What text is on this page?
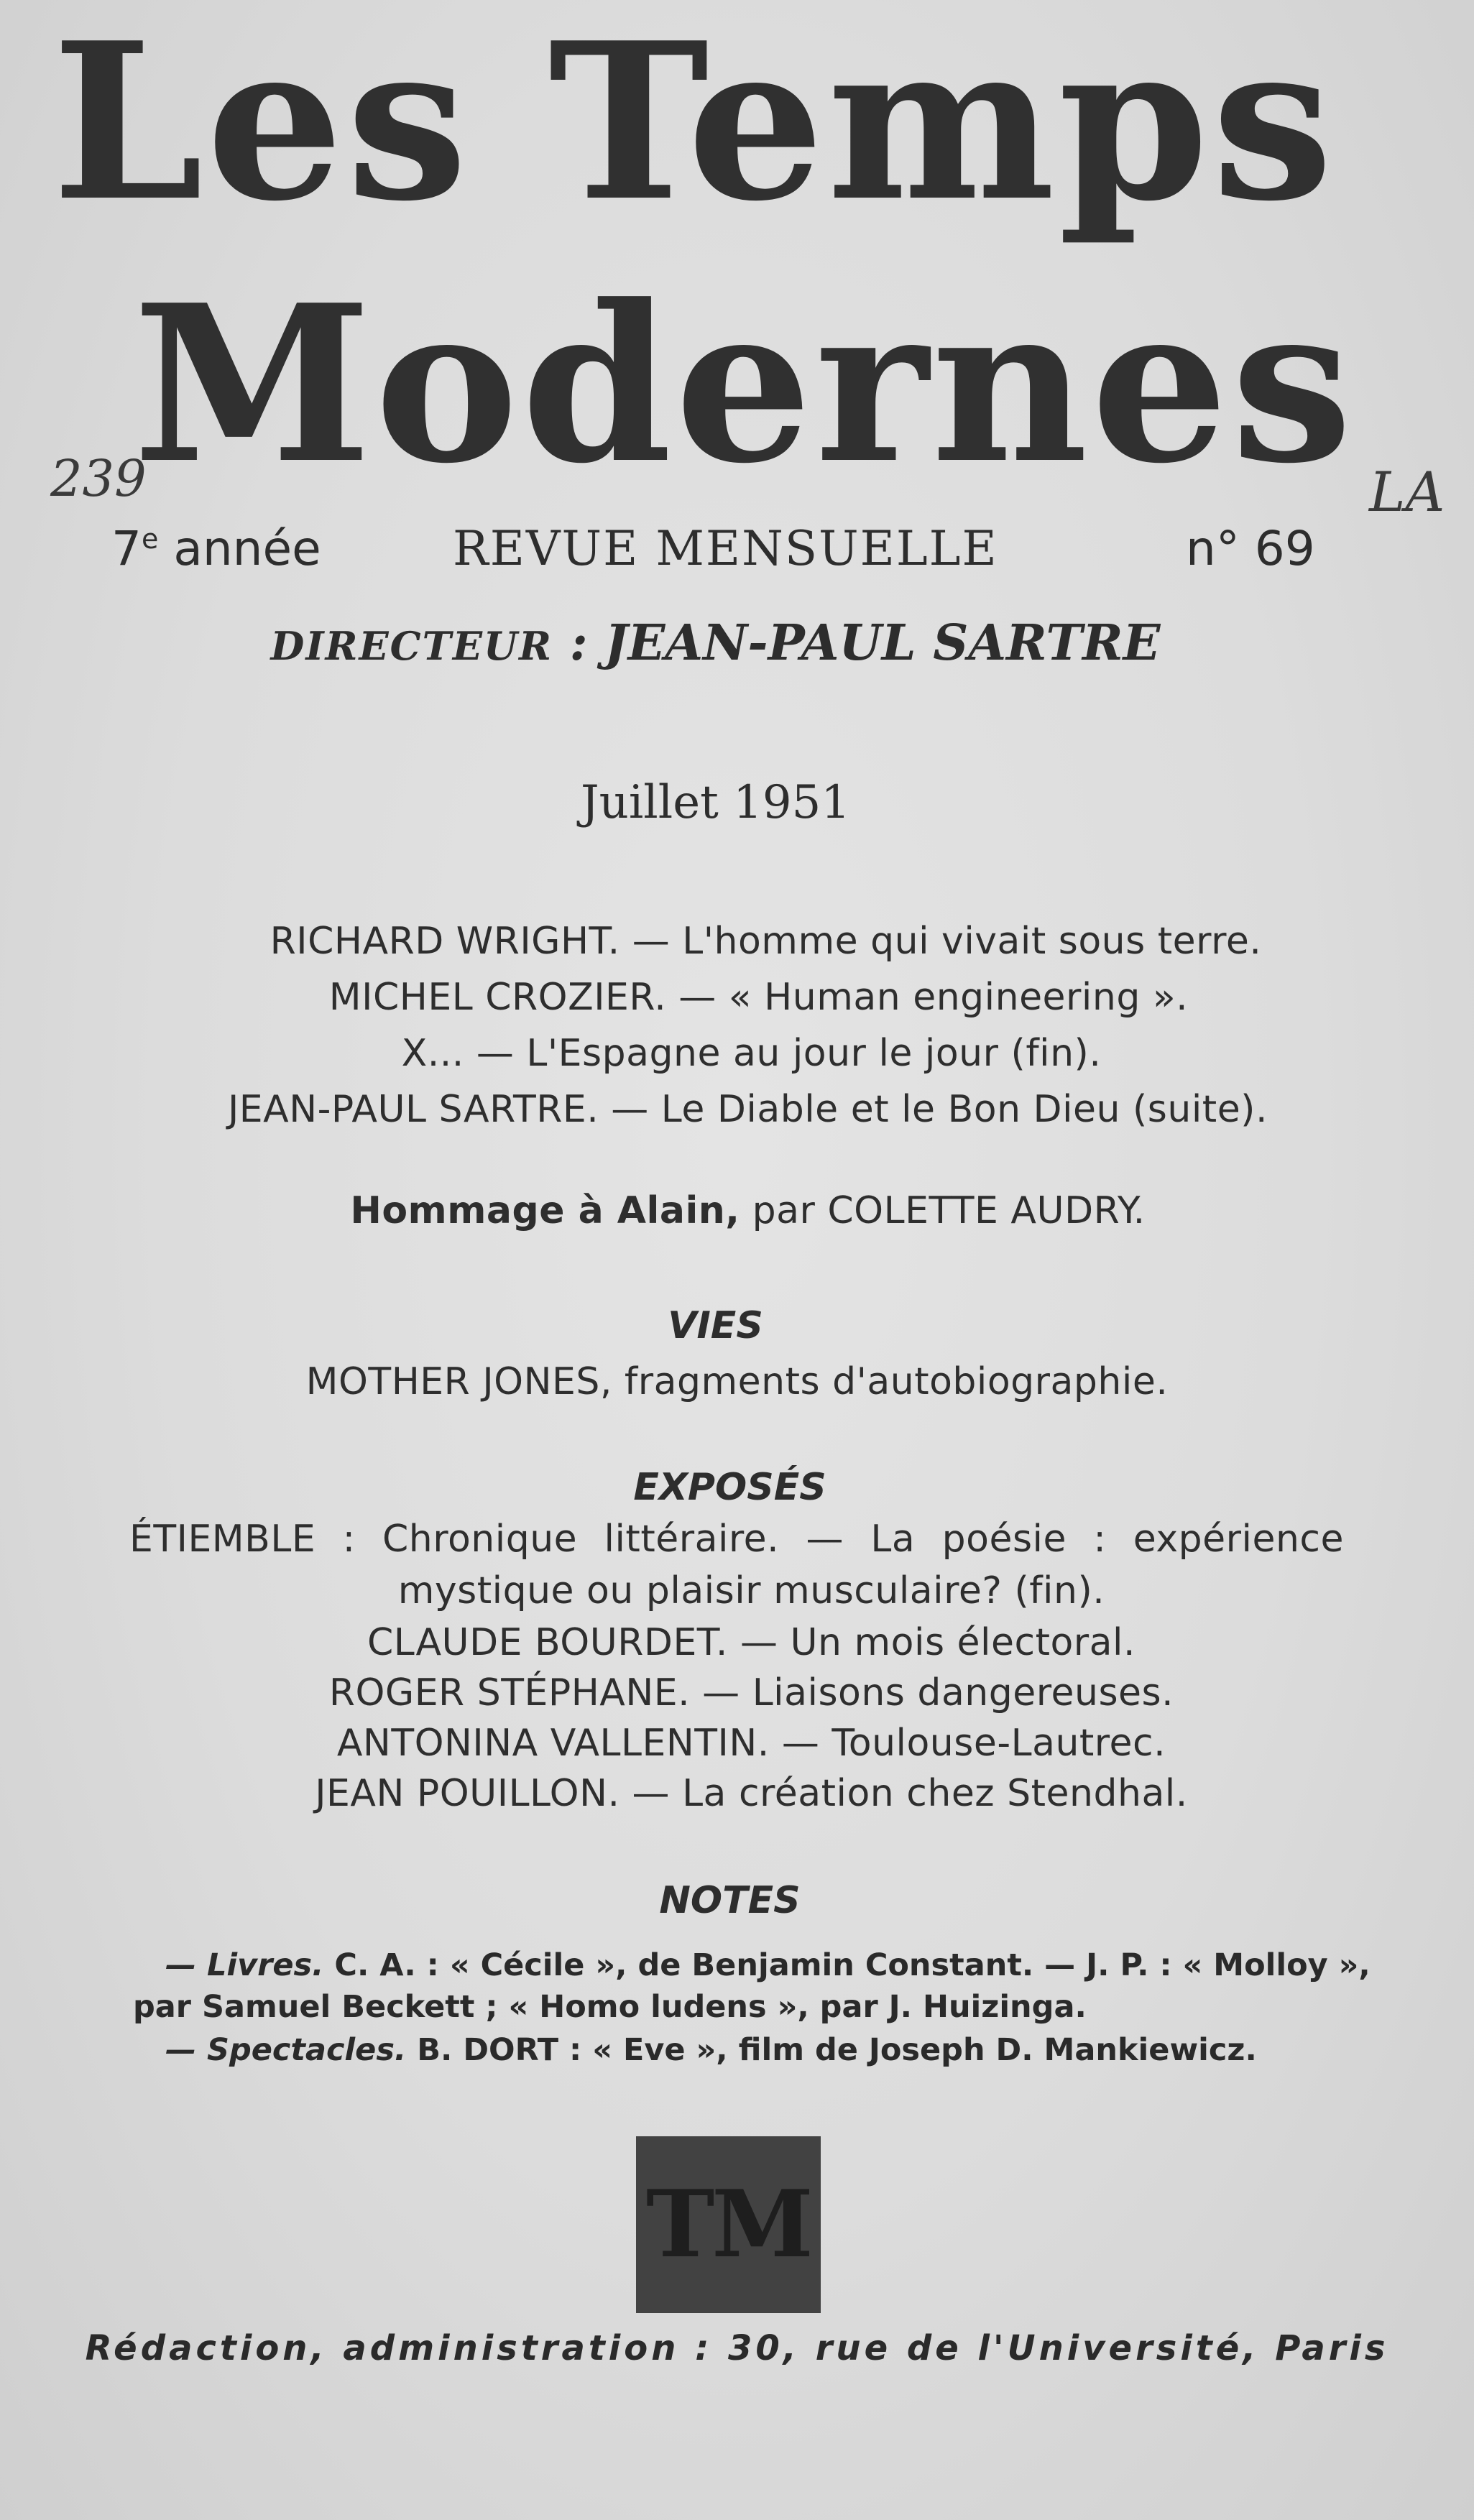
Les Temps
Modernes
239	LA
7e année	REVUE MENSUELLE	n° 69
DIRECTEUR : JEAN-PAUL SARTRE
Juillet 1951
RICHARD WRIGHT. — L'homme qui vivait sous terre.
MICHEL CROZIER. — « Human engineering ».
X... — L'Espagne au jour le jour (fin).
JEAN-PAUL SARTRE. — Le Diable et le Bon Dieu (suite).
Hommage à Alain, par COLETTE AUDRY.
VIES
MOTHER JONES, fragments d'autobiographie.
EXPOSÉS
ÉTIEMBLE : Chronique littéraire. — La poésie : expérience
mystique ou plaisir musculaire? (fin).
CLAUDE BOURDET. — Un mois électoral.
ROGER STÉPHANE. — Liaisons dangereuses.
ANTONINA VALLENTIN. — Toulouse-Lautrec.
JEAN POUILLON. — La création chez Stendhal.
NOTES
— Livres. C. A. : « Cécile », de Benjamin Constant. — J. P. : « Molloy »,
par Samuel Beckett ; « Homo ludens », par J. Huizinga.
— Spectacles. B. DORT : « Eve », film de Joseph D. Mankiewicz.
TM
Rédaction, administration : 30, rue de l'Université, Paris
